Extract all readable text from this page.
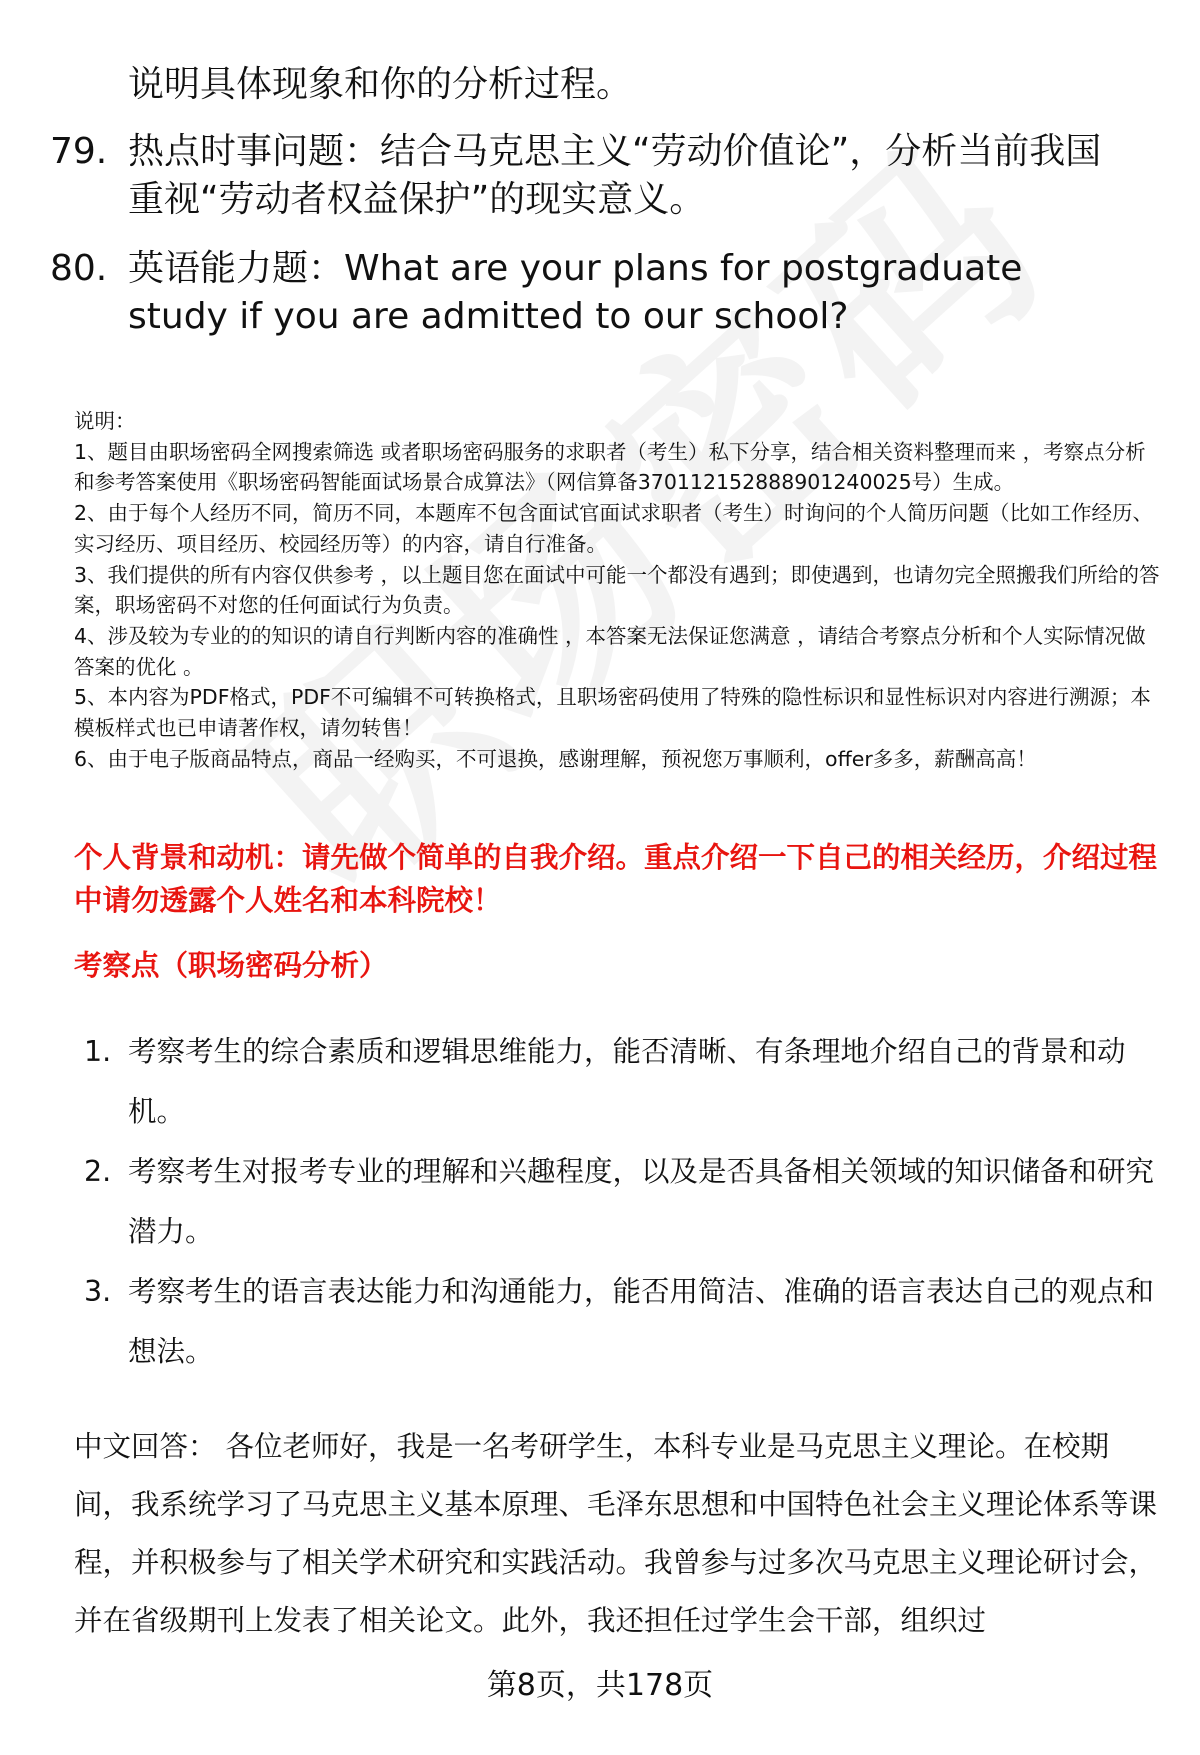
说明具体现象和你的分析过程。
79. 热点时事问题：结合马克思主义“劳动价值论”，分析当前我国重视“劳动者权益保护”的现实意义。
80. 英语能力题：What are your plans for postgraduate study if you are admitted to our school?

说明：

1、题目由职场密码全网搜索筛选 或者职场密码服务的求职者（考生）私下分享，结合相关资料整理而来 ，考察点分析和参考答案使用《职场密码智能面试场景合成算法》（网信算备370112152888901240025号）生成。

2、由于每个人经历不同，简历不同，本题库不包含面试官面试求职者（考生）时询问的个人简历问题（比如工作经历、实习经历、项目经历、校园经历等）的内容，请自行准备。

3、我们提供的所有内容仅供参考 ，以上题目您在面试中可能一个都没有遇到；即使遇到，也请勿完全照搬我们所给的答案，职场密码不对您的任何面试行为负责。

4、涉及较为专业的的知识的请自行判断内容的准确性 ，本答案无法保证您满意 ，请结合考察点分析和个人实际情况做答案的优化 。

5、本内容为PDF格式，PDF不可编辑不可转换格式，且职场密码使用了特殊的隐性标识和显性标识对内容进行溯源；本模板样式也已申请著作权，请勿转售！

6、由于电子版商品特点，商品一经购买，不可退换，感谢理解，预祝您万事顺利，offer多多，薪酬高高！

个人背景和动机：请先做个简单的自我介绍。重点介绍一下自己的相关经历，介绍过程中请勿透露个人姓名和本科院校！
考察点（职场密码分析）
1. 考察考生的综合素质和逻辑思维能力，能否清晰、有条理地介绍自己的背景和动机。
2. 考察考生对报考专业的理解和兴趣程度，以及是否具备相关领域的知识储备和研究潜力。
3. 考察考生的语言表达能力和沟通能力，能否用简洁、准确的语言表达自己的观点和想法。
中文回答： 各位老师好，我是一名考研学生，本科专业是马克思主义理论。在校期间，我系统学习了马克思主义基本原理、毛泽东思想和中国特色社会主义理论体系等课程，并积极参与了相关学术研究和实践活动。我曾参与过多次马克思主义理论研讨会，并在省级期刊上发表了相关论文。此外，我还担任过学生会干部，组织过
第8页，共178页
